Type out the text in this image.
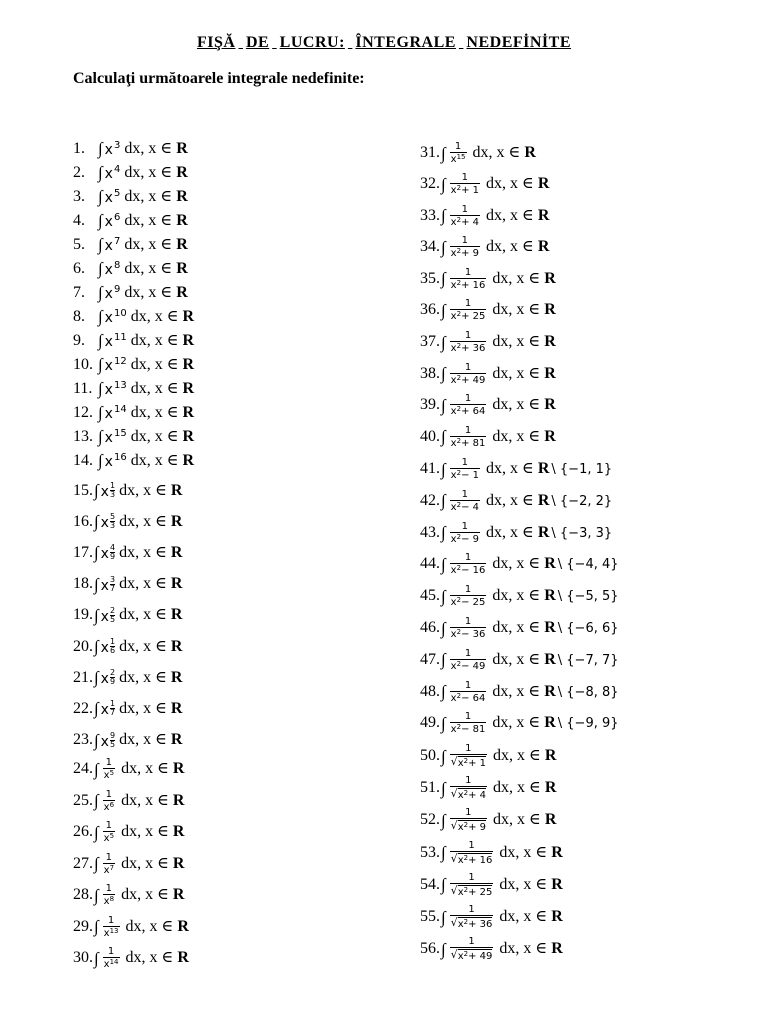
FIŞĂ DE LUCRU: ÎNTEGRALE NEDEFİNİTE
Calculaţi următoarele integrale nedefinite:
1. ∫ $x^3$ dx, x ∈ R
2. ∫ $x^4$ dx, x ∈ R
3. ∫ $x^5$ dx, x ∈ R
4. ∫ $x^6$ dx, x ∈ R
5. ∫ $x^7$ dx, x ∈ R
6. ∫ $x^8$ dx, x ∈ R
7. ∫ $x^9$ dx, x ∈ R
8. ∫ $x^{10}$ dx, x ∈ R
9. ∫ $x^{11}$ dx, x ∈ R
10. ∫ $x^{12}$ dx, x ∈ R
11. ∫ $x^{13}$ dx, x ∈ R
12. ∫ $x^{14}$ dx, x ∈ R
13. ∫ $x^{15}$ dx, x ∈ R
14. ∫ $x^{16}$ dx, x ∈ R
15. ∫ x $\frac{1}{3}$ dx, x ∈ R
16. ∫ x $\frac{5}{3}$ dx, x ∈ R
17. ∫ x $\frac{4}{9}$ dx, x ∈ R
18. ∫ x $\frac{3}{7}$ dx, x ∈ R
19. ∫ x $\frac{2}{5}$ dx, x ∈ R
20. ∫ x $\frac{1}{6}$ dx, x ∈ R
21. ∫ x $\frac{2}{9}$ dx, x ∈ R
22. ∫ x $\frac{1}{7}$ dx, x ∈ R
23. ∫ x $\frac{9}{5}$ dx, x ∈ R
24. ∫ $\frac{1}{x^5}$ dx, x ∈ R
25. ∫ $\frac{1}{x^6}$ dx, x ∈ R
26. ∫ $\frac{1}{x^5}$ dx, x ∈ R
27. ∫ $\frac{1}{x^7}$ dx, x ∈ R
28. ∫ $\frac{1}{x^8}$ dx, x ∈ R
29. ∫ $\frac{1}{x^{13}}$ dx, x ∈ R
30. ∫ $\frac{1}{x^{14}}$ dx, x ∈ R
31. ∫ $\frac{1}{x^{15}}$ dx, x ∈ R
32. ∫ $\frac{1}{x^2+ 1}$ dx, x ∈ R
33. ∫ $\frac{1}{x^2+ 4}$ dx, x ∈ R
34. ∫ $\frac{1}{x^2+ 9}$ dx, x ∈ R
35. ∫ $\frac{1}{x^2+ 16}$ dx, x ∈ R
36. ∫ $\frac{1}{x^2+ 25}$ dx, x ∈ R
37. ∫ $\frac{1}{x^2+ 36}$ dx, x ∈ R
38. ∫ $\frac{1}{x^2+ 49}$ dx, x ∈ R
39. ∫ $\frac{1}{x^2+ 64}$ dx, x ∈ R
40. ∫ $\frac{1}{x^2+ 81}$ dx, x ∈ R
41. ∫ $\frac{1}{x^2- 1}$ dx, x ∈ R \ {−1, 1}
42. ∫ $\frac{1}{x^2- 4}$ dx, x ∈ R \ {−2, 2}
43. ∫ $\frac{1}{x^2- 9}$ dx, x ∈ R \ {−3, 3}
44. ∫ $\frac{1}{x^2- 16}$ dx, x ∈ R \ {−4, 4}
45. ∫ $\frac{1}{x^2- 25}$ dx, x ∈ R \ {−5, 5}
46. ∫ $\frac{1}{x^2- 36}$ dx, x ∈ R \ {−6, 6}
47. ∫ $\frac{1}{x^2- 49}$ dx, x ∈ R \ {−7, 7}
48. ∫ $\frac{1}{x^2- 64}$ dx, x ∈ R \ {−8, 8}
49. ∫ $\frac{1}{x^2- 81}$ dx, x ∈ R \ {−9, 9}
50. ∫ $\frac{1}{√ x^2+ 1}$ dx, x ∈ R
51. ∫ $\frac{1}{√ x^2+ 4}$ dx, x ∈ R
52. ∫ $\frac{1}{√ x^2+ 9}$ dx, x ∈ R
53. ∫ $\frac{1}{√ x^2+ 16}$ dx, x ∈ R
54. ∫ $\frac{1}{√ x^2+ 25}$ dx, x ∈ R
55. ∫ $\frac{1}{√ x^2+ 36}$ dx, x ∈ R
56. ∫ $\frac{1}{√ x^2+ 49}$ dx, x ∈ R
